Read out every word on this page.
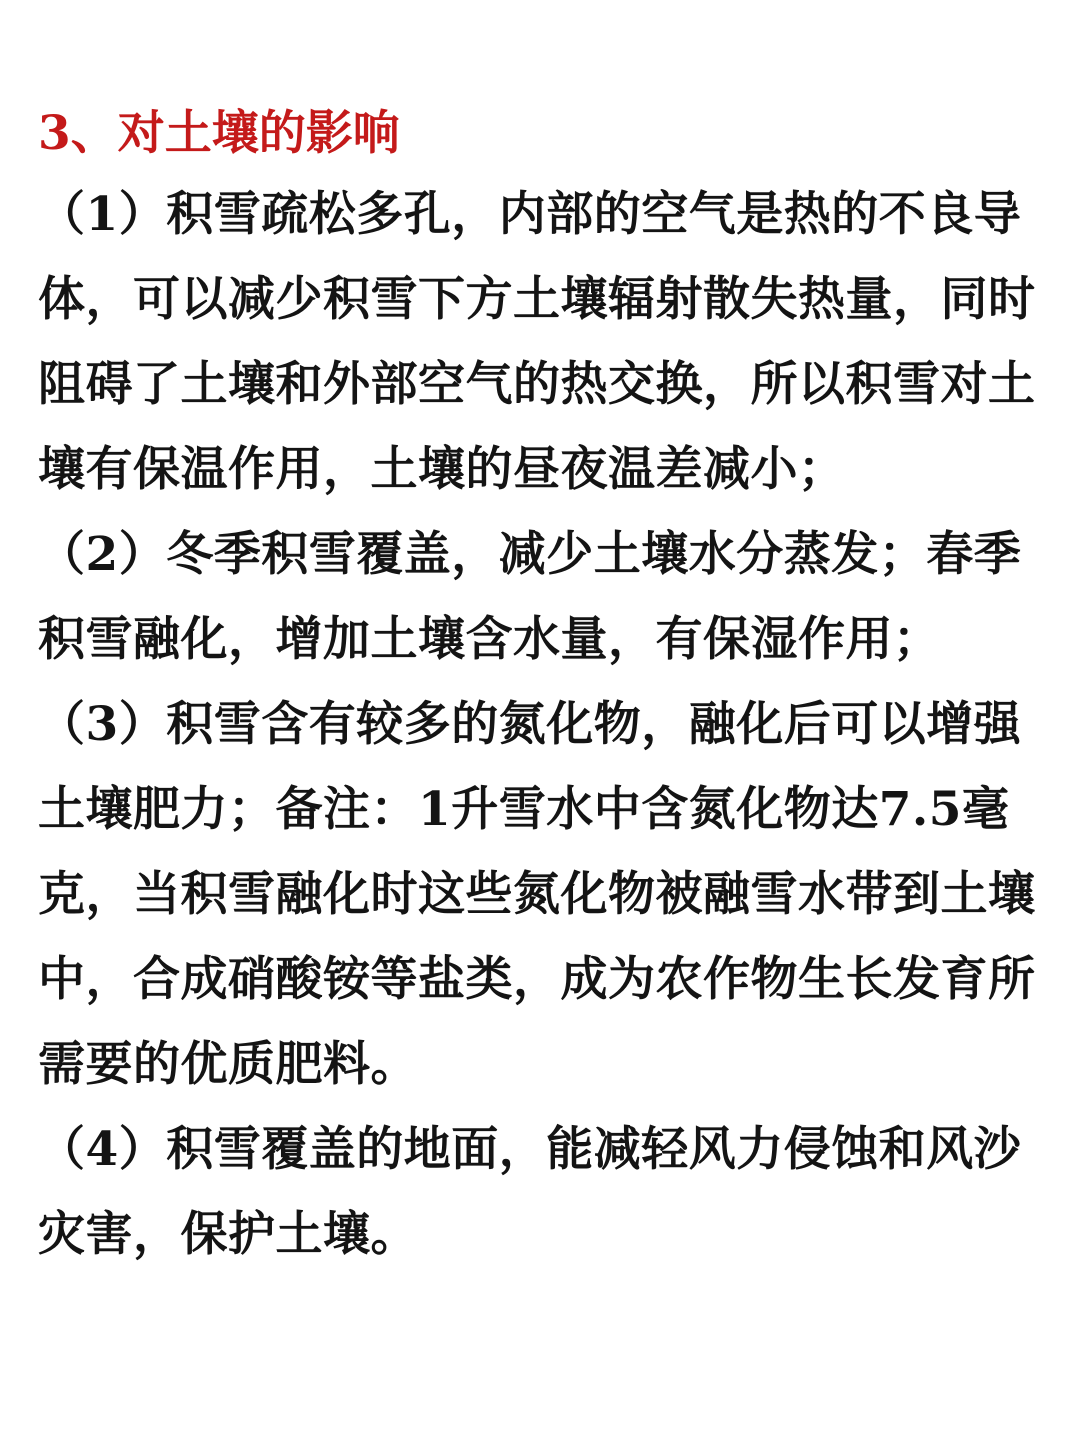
3、对土壤的影响

（1）积雪疏松多孔，内部的空气是热的不良导体，可以减少积雪下方土壤辐射散失热量，同时阻碍了土壤和外部空气的热交换，所以积雪对土壤有保温作用，土壤的昼夜温差减小；

（2）冬季积雪覆盖，减少土壤水分蒸发；春季积雪融化，增加土壤含水量，有保湿作用；

（3）积雪含有较多的氮化物，融化后可以增强土壤肥力；备注：1升雪水中含氮化物达7.5毫克，当积雪融化时这些氮化物被融雪水带到土壤中，合成硝酸铵等盐类，成为农作物生长发育所需要的优质肥料。

（4）积雪覆盖的地面，能减轻风力侵蚀和风沙灾害，保护土壤。
